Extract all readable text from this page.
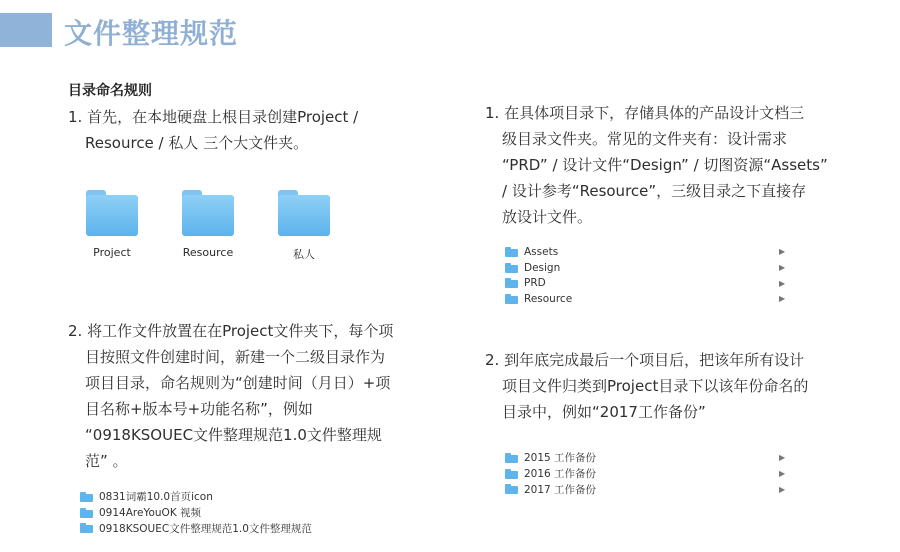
文件整理规范
目录命名规则
1. 首先，在本地硬盘上根目录创建Project /
Resource / 私人 三个大文件夹。
Project	Resource	私人
2. 将工作文件放置在在Project文件夹下，每个项
目按照文件创建时间，新建一个二级目录作为
项目目录，命名规则为“创建时间（月日）+项
目名称+版本号+功能名称”，例如
“0918KSOUEC文件整理规范1.0文件整理规
范” 。
0831词霸10.0首页icon
0914AreYouOK 视频
0918KSOUEC文件整理规范1.0文件整理规范
1. 在具体项目录下，存储具体的产品设计文档三
级目录文件夹。常见的文件夹有：设计需求
“PRD” / 设计文件“Design” / 切图资源“Assets”
/ 设计参考“Resource”，三级目录之下直接存
放设计文件。
Assets	▶
Design	▶
PRD	▶
Resource	▶
2. 到年底完成最后一个项目后，把该年所有设计
项目文件归类到Project目录下以该年份命名的
目录中，例如“2017工作备份”
2015 工作备份	▶
2016 工作备份	▶
2017 工作备份	▶
